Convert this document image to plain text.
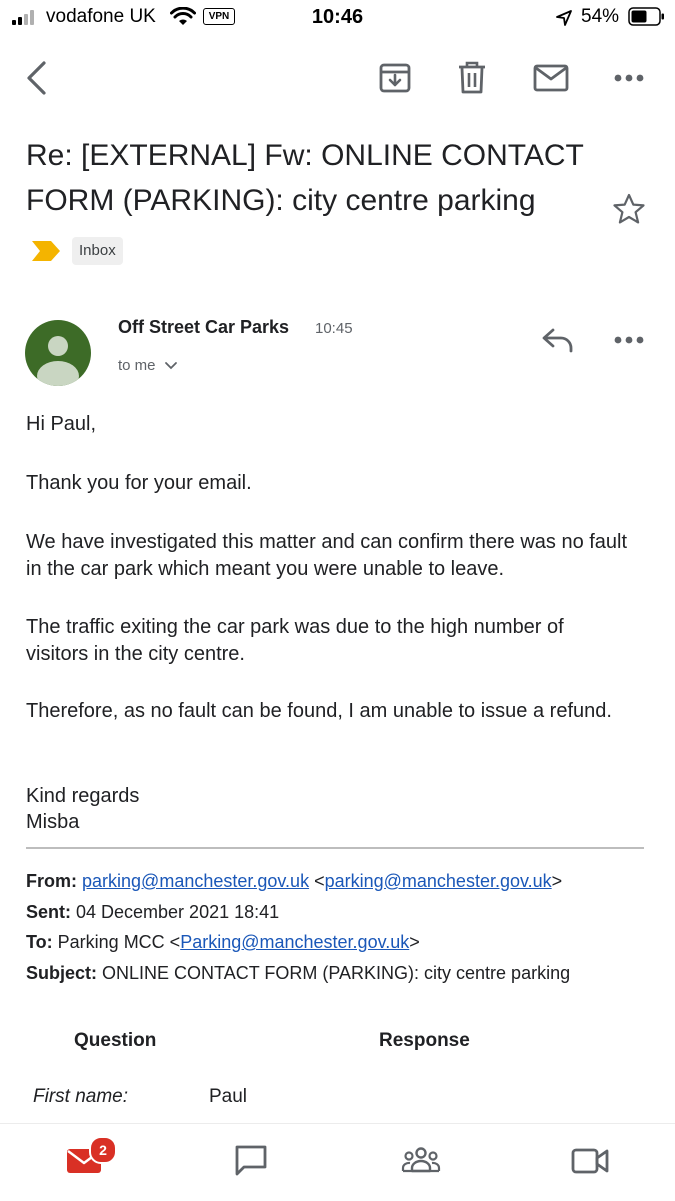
vodafone UK	VPN	10:46	54%
Re: [EXTERNAL] Fw: ONLINE CONTACT FORM (PARKING): city centre parking
Inbox
Off Street Car Parks 10:45
to me
Hi Paul,
Thank you for your email.
We have investigated this matter and can confirm there was no fault in the car park which meant you were unable to leave.
The traffic exiting the car park was due to the high number of visitors in the city centre.
Therefore, as no fault can be found, I am unable to issue a refund.
Kind regards
Misba
From: parking@manchester.gov.uk <parking@manchester.gov.uk>
Sent: 04 December 2021 18:41
To: Parking MCC <Parking@manchester.gov.uk>
Subject: ONLINE CONTACT FORM (PARKING): city centre parking
Question	Response
First name:	Paul
2
